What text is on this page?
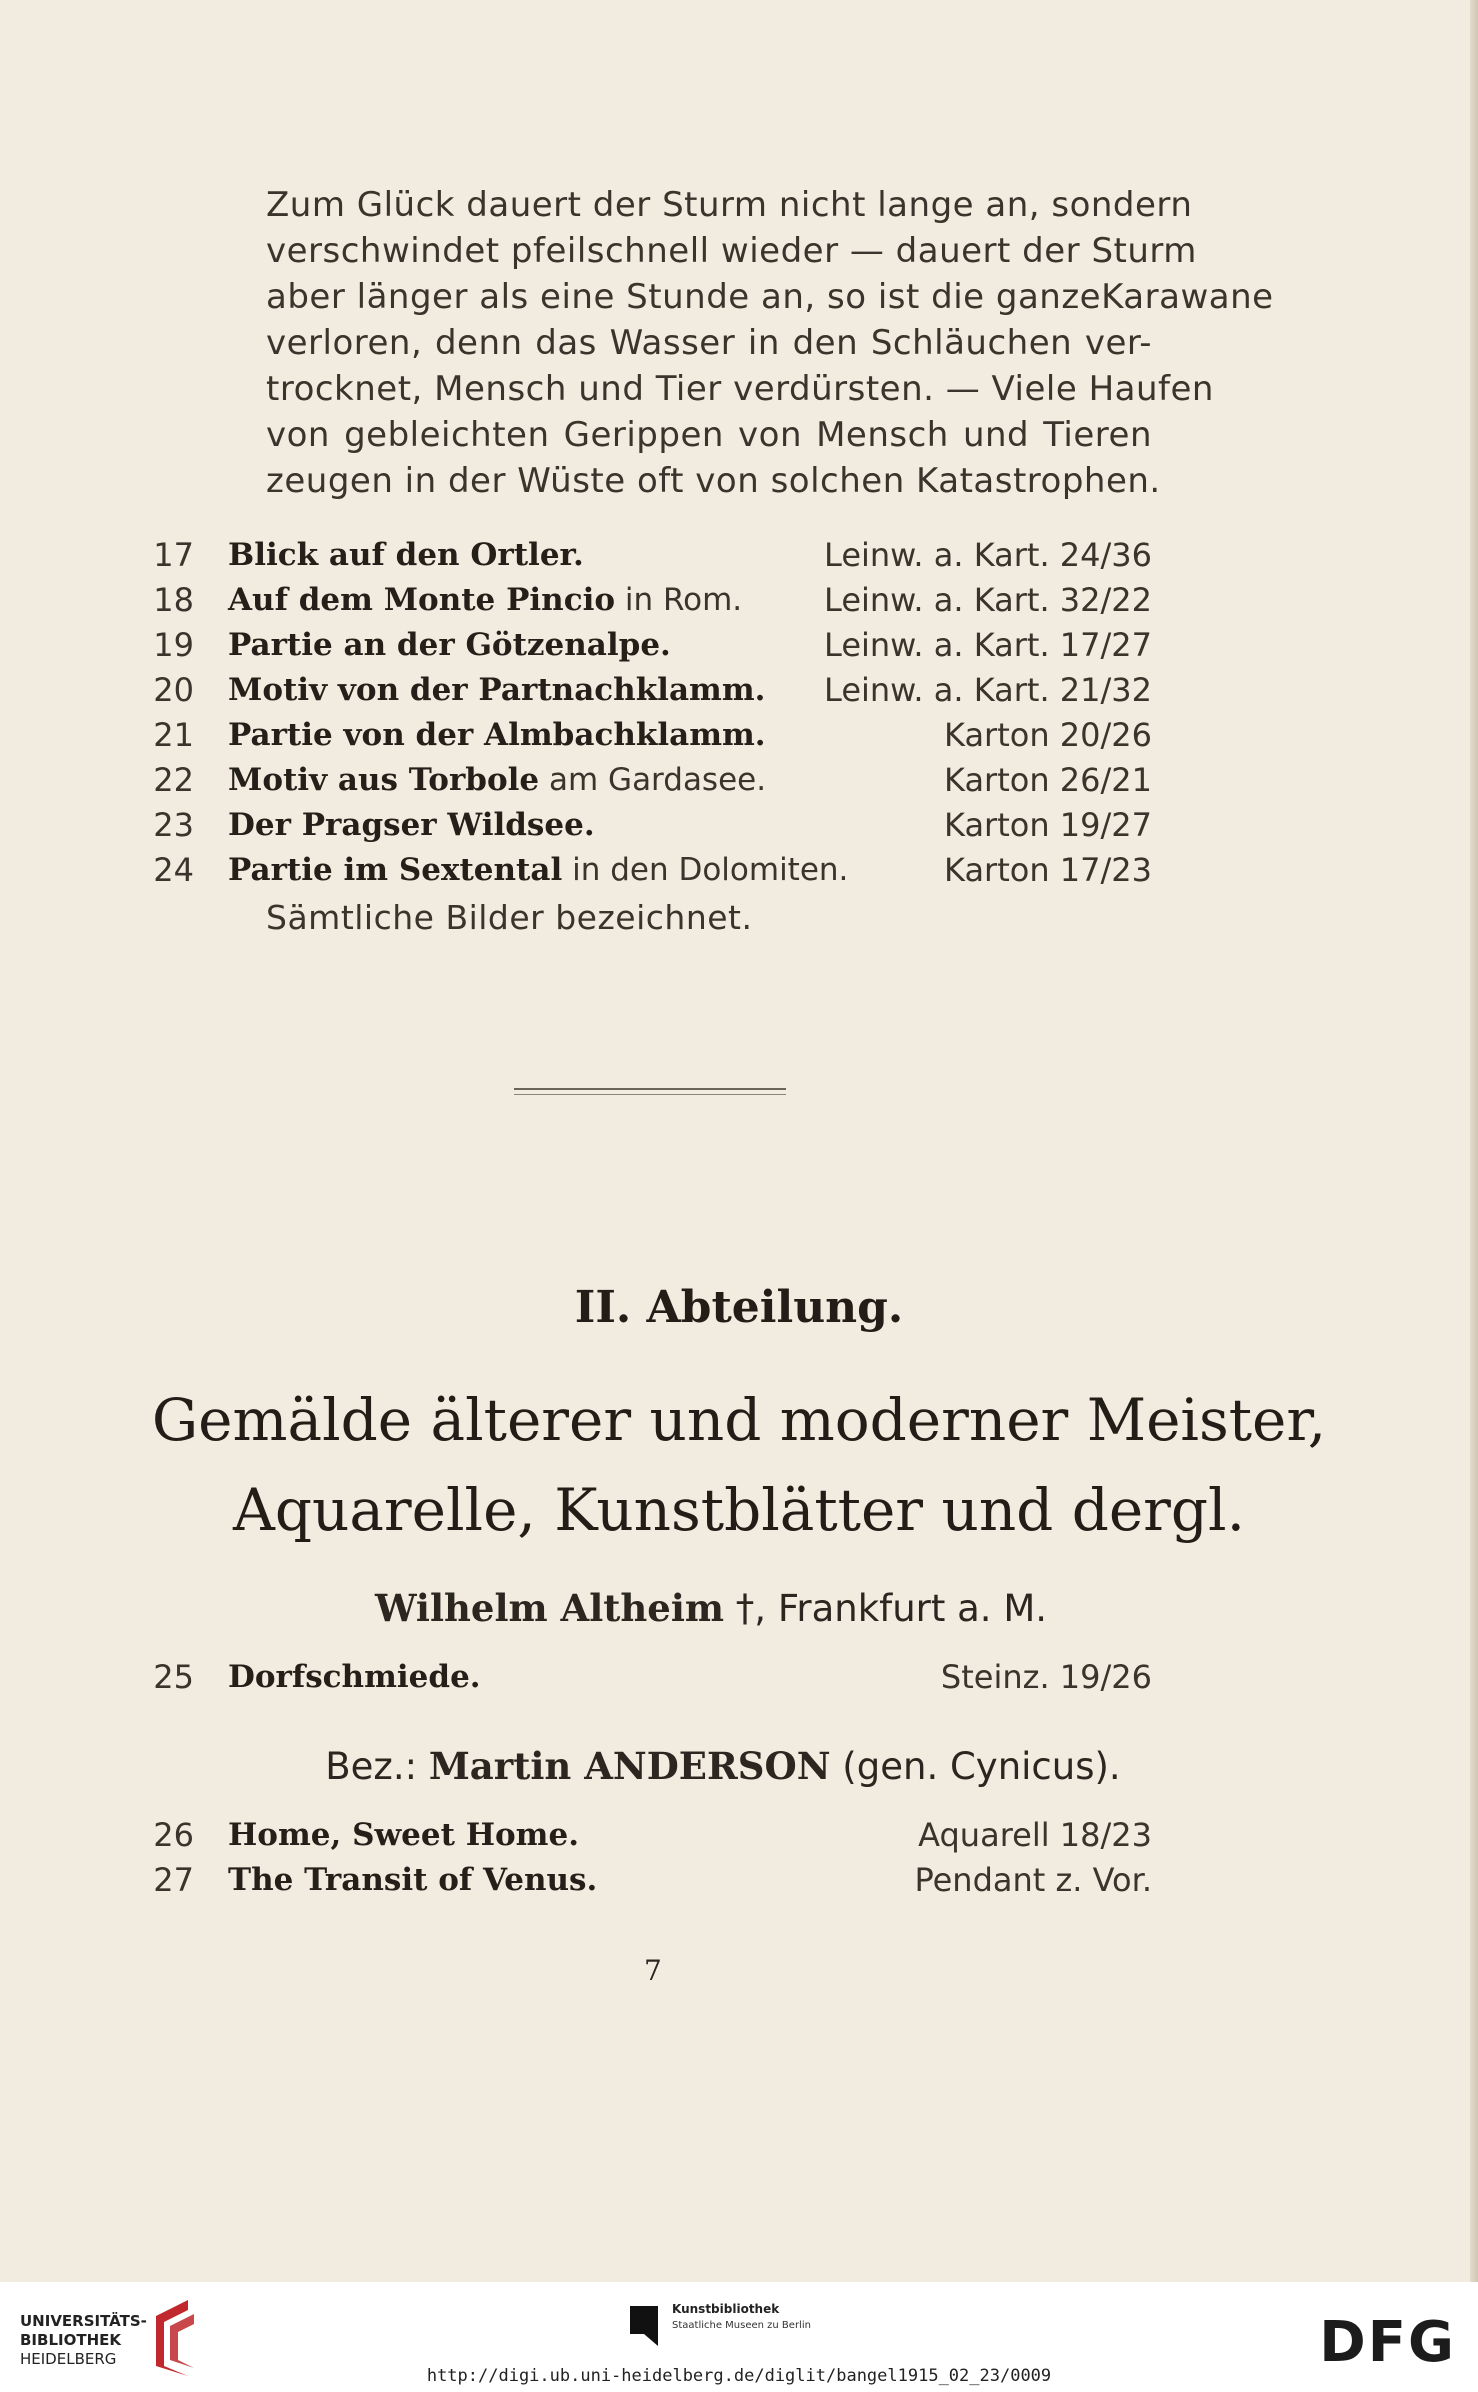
Zum Glück dauert der Sturm nicht lange an, sondern
verschwindet pfeilschnell wieder — dauert der Sturm
aber länger als eine Stunde an, so ist die ganzeKarawane
verloren, denn das Wasser in den Schläuchen ver-
trocknet, Mensch und Tier verdürsten. — Viele Haufen
von gebleichten Gerippen von Mensch und Tieren
zeugen in der Wüste oft von solchen Katastrophen.
17 Blick auf den Ortler.	Leinw. a. Kart. 24/36
18 Auf dem Monte Pincio in Rom.	Leinw. a. Kart. 32/22
19 Partie an der Götzenalpe.	Leinw. a. Kart. 17/27
20 Motiv von der Partnachklamm. Leinw. a. Kart. 21/32
21 Partie von der Almbachklamm.	Karton 20/26
22 Motiv aus Torbole am Gardasee.	Karton 26/21
23 Der Pragser Wildsee.	Karton 19/27
24 Partie im Sextental in den Dolomiten.	Karton 17/23
Sämtliche Bilder bezeichnet.
II. Abteilung.
Gemälde älterer und moderner Meister,
Aquarelle, Kunstblätter und dergl.
Wilhelm Altheim †, Frankfurt a. M.
25 Dorfschmiede.	Steinz. 19/26
Bez.: Martin ANDERSON (gen. Cynicus).
26 Home, Sweet Home.	Aquarell 18/23
27 The Transit of Venus.	Pendant z. Vor.
7
UNIVERSITÄTS-
BIBLIOTHEK
HEIDELBERG
Kunstbibliothek
Staatliche Museen zu Berlin	DFG
http://digi.ub.uni-heidelberg.de/diglit/bangel1915_02_23/0009
